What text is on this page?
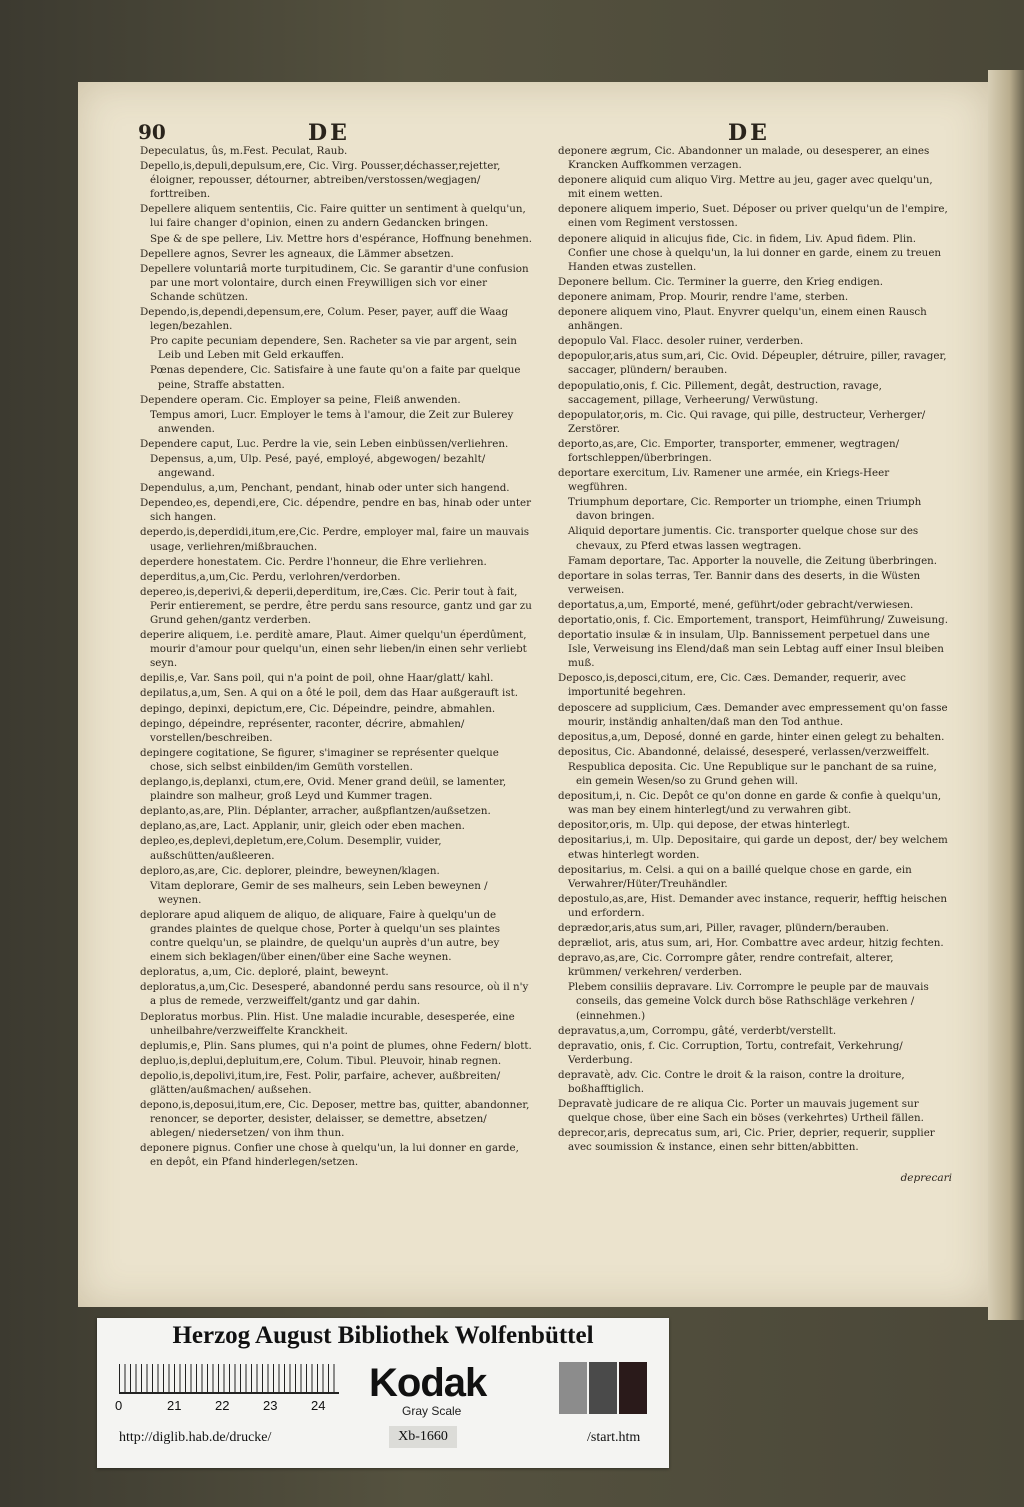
90	DE	DE
Depeculatus, ûs, m.Fest. Peculat, Raub.
Depello,is,depuli,depulsum,ere, Cic. Virg. Pousser,déchasser,rejetter, éloigner, repousser, détourner, abtreiben/verstossen/wegjagen/ forttreiben.
Depellere aliquem sententiis, Cic. Faire quitter un sentiment à quelqu'un, lui faire changer d'opinion, einen zu andern Gedancken bringen.
Spe & de spe pellere, Liv. Mettre hors d'espérance, Hoffnung benehmen.
Depellere agnos, Sevrer les agneaux, die Lämmer absetzen.
Depellere voluntariâ morte turpitudinem, Cic. Se garantir d'une confusion par une mort volontaire, durch einen Freywilligen sich vor einer Schande schützen.
Dependo,is,dependi,depensum,ere, Colum. Peser, payer, auff die Waag legen/bezahlen.
Pro capite pecuniam dependere, Sen. Racheter sa vie par argent, sein Leib und Leben mit Geld erkauffen.
Pœnas dependere, Cic. Satisfaire à une faute qu'on a faite par quelque peine, Straffe abstatten.
Dependere operam. Cic. Employer sa peine, Fleiß anwenden.
Tempus amori, Lucr. Employer le tems à l'amour, die Zeit zur Bulerey anwenden.
Dependere caput, Luc. Perdre la vie, sein Leben einbüssen/verliehren.
Depensus, a,um, Ulp. Pesé, payé, employé, abgewogen/ bezahlt/ angewand.
Dependulus, a,um, Penchant, pendant, hinab oder unter sich hangend.
Dependeo,es, dependi,ere, Cic. dépendre, pendre en bas, hinab oder unter sich hangen.
deperdo,is,deperdidi,itum,ere,Cic. Perdre, employer mal, faire un mauvais usage, verliehren/mißbrauchen.
deperdere honestatem. Cic. Perdre l'honneur, die Ehre verliehren.
deperditus,a,um,Cic. Perdu, verlohren/verdorben.
depereo,is,deperivi,& deperii,deperditum, ire,Cæs. Cic. Perir tout à fait, Perir entierement, se perdre, être perdu sans resource, gantz und gar zu Grund gehen/gantz verderben.
deperire aliquem, i.e. perditè amare, Plaut. Aimer quelqu'un éperdûment, mourir d'amour pour quelqu'un, einen sehr lieben/in einen sehr verliebt seyn.
depilis,e, Var. Sans poil, qui n'a point de poil, ohne Haar/glatt/ kahl.
depilatus,a,um, Sen. A qui on a ôté le poil, dem das Haar außgerauft ist.
depingo, depinxi, depictum,ere, Cic. Dépeindre, peindre, abmahlen.
depingo, dépeindre, représenter, raconter, décrire, abmahlen/ vorstellen/beschreiben.
depingere cogitatione, Se figurer, s'imaginer se représenter quelque chose, sich selbst einbilden/im Gemüth vorstellen.
deplango,is,deplanxi, ctum,ere, Ovid. Mener grand deüil, se lamenter, plaindre son malheur, groß Leyd und Kummer tragen.
deplanto,as,are, Plin. Déplanter, arracher, außpflantzen/außsetzen.
deplano,as,are, Lact. Applanir, unir, gleich oder eben machen.
depleo,es,deplevi,depletum,ere,Colum. Desemplir, vuider, außschütten/außleeren.
deploro,as,are, Cic. deplorer, pleindre, beweynen/klagen.
Vitam deplorare, Gemir de ses malheurs, sein Leben beweynen / weynen.
deplorare apud aliquem de aliquo, de aliquare, Faire à quelqu'un de grandes plaintes de quelque chose, Porter à quelqu'un ses plaintes contre quelqu'un, se plaindre, de quelqu'un auprès d'un autre, bey einem sich beklagen/über einen/über eine Sache weynen.
deploratus, a,um, Cic. deploré, plaint, beweynt.
deploratus,a,um,Cic. Desesperé, abandonné perdu sans resource, où il n'y a plus de remede, verzweiffelt/gantz und gar dahin.
Deploratus morbus. Plin. Hist. Une maladie incurable, desesperée, eine unheilbahre/verzweiffelte Kranckheit.
deplumis,e, Plin. Sans plumes, qui n'a point de plumes, ohne Federn/ blott.
depluo,is,deplui,depluitum,ere, Colum. Tibul. Pleuvoir, hinab regnen.
depolio,is,depolivi,itum,ire, Fest. Polir, parfaire, achever, außbreiten/ glätten/außmachen/ außsehen.
depono,is,deposui,itum,ere, Cic. Deposer, mettre bas, quitter, abandonner, renoncer, se deporter, desister, delaisser, se demettre, absetzen/ ablegen/ niedersetzen/ von ihm thun.
deponere pignus. Confier une chose à quelqu'un, la lui donner en garde, en depôt, ein Pfand hinderlegen/setzen.
deponere ægrum, Cic. Abandonner un malade, ou desesperer, an eines Krancken Auffkommen verzagen.
deponere aliquid cum aliquo Virg. Mettre au jeu, gager avec quelqu'un, mit einem wetten.
deponere aliquem imperio, Suet. Déposer ou priver quelqu'un de l'empire, einen vom Regiment verstossen.
deponere aliquid in alicujus fide, Cic. in fidem, Liv. Apud fidem. Plin. Confier une chose à quelqu'un, la lui donner en garde, einem zu treuen Handen etwas zustellen.
Deponere bellum. Cic. Terminer la guerre, den Krieg endigen.
deponere animam, Prop. Mourir, rendre l'ame, sterben.
deponere aliquem vino, Plaut. Enyvrer quelqu'un, einem einen Rausch anhängen.
depopulo Val. Flacc. desoler ruiner, verderben.
depopulor,aris,atus sum,ari, Cic. Ovid. Dépeupler, détruire, piller, ravager, saccager, plündern/ berauben.
depopulatio,onis, f. Cic. Pillement, degât, destruction, ravage, saccagement, pillage, Verheerung/ Verwüstung.
depopulator,oris, m. Cic. Qui ravage, qui pille, destructeur, Verherger/ Zerstörer.
deporto,as,are, Cic. Emporter, transporter, emmener, wegtragen/ fortschleppen/überbringen.
deportare exercitum, Liv. Ramener une armée, ein Kriegs-Heer wegführen.
Triumphum deportare, Cic. Remporter un triomphe, einen Triumph davon bringen.
Aliquid deportare jumentis. Cic. transporter quelque chose sur des chevaux, zu Pferd etwas lassen wegtragen.
Famam deportare, Tac. Apporter la nouvelle, die Zeitung überbringen.
deportare in solas terras, Ter. Bannir dans des deserts, in die Wüsten verweisen.
deportatus,a,um, Emporté, mené, geführt/oder gebracht/verwiesen.
deportatio,onis, f. Cic. Emportement, transport, Heimführung/ Zuweisung.
deportatio insulæ & in insulam, Ulp. Bannissement perpetuel dans une Isle, Verweisung ins Elend/daß man sein Lebtag auff einer Insul bleiben muß.
Deposco,is,deposci,citum, ere, Cic. Cæs. Demander, requerir, avec importunité begehren.
deposcere ad supplicium, Cæs. Demander avec empressement qu'on fasse mourir, inständig anhalten/daß man den Tod anthue.
depositus,a,um, Deposé, donné en garde, hinter einen gelegt zu behalten.
depositus, Cic. Abandonné, delaissé, desesperé, verlassen/verzweiffelt.
Respublica deposita. Cic. Une Republique sur le panchant de sa ruine, ein gemein Wesen/so zu Grund gehen will.
depositum,i, n. Cic. Depôt ce qu'on donne en garde & confie à quelqu'un, was man bey einem hinterlegt/und zu verwahren gibt.
depositor,oris, m. Ulp. qui depose, der etwas hinterlegt.
depositarius,i, m. Ulp. Depositaire, qui garde un depost, der/ bey welchem etwas hinterlegt worden.
depositarius, m. Celsi. a qui on a baillé quelque chose en garde, ein Verwahrer/Hüter/Treuhändler.
depostulo,as,are, Hist. Demander avec instance, requerir, hefftig heischen und erfordern.
deprædor,aris,atus sum,ari, Piller, ravager, plündern/berauben.
depræliot, aris, atus sum, ari, Hor. Combattre avec ardeur, hitzig fechten.
depravo,as,are, Cic. Corrompre gâter, rendre contrefait, alterer, krümmen/ verkehren/ verderben.
Plebem consiliis depravare. Liv. Corrompre le peuple par de mauvais conseils, das gemeine Volck durch böse Rathschläge verkehren / (einnehmen.)
depravatus,a,um, Corrompu, gâté, verderbt/verstellt.
depravatio, onis, f. Cic. Corruption, Tortu, contrefait, Verkehrung/ Verderbung.
depravatè, adv. Cic. Contre le droit & la raison, contre la droiture, boßhafftiglich.
Depravatè judicare de re aliqua Cic. Porter un mauvais jugement sur quelque chose, über eine Sach ein böses (verkehrtes) Urtheil fällen.
deprecor,aris, deprecatus sum, ari, Cic. Prier, deprier, requerir, supplier avec soumission & instance, einen sehr bitten/abbitten.
deprecari
Herzog August Bibliothek Wolfenbüttel
0	21	22	23	24
Kodak
Gray Scale
http://diglib.hab.de/drucke/	Xb-1660	/start.htm
